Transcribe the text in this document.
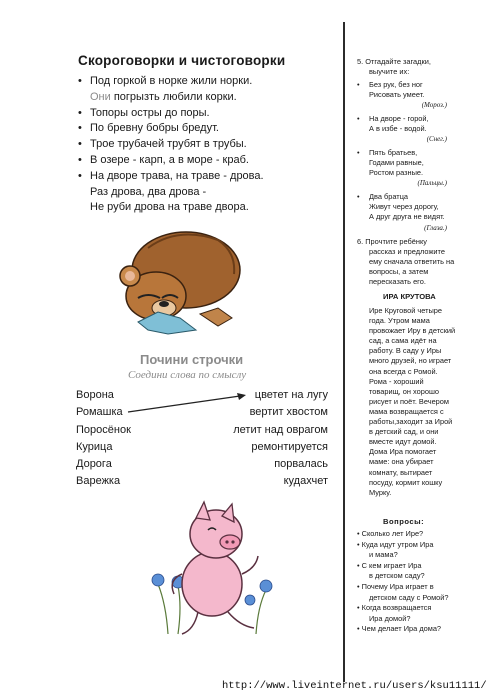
Скороговорки и чистоговорки
• Под горкой в норке жили норки.
Они погрызть любили корки.
• Топоры остры до поры.
• По бревну бобры бредут.
• Трое трубачей трубят в трубы.
• В озере - карп, а в море - краб.
• На дворе трава, на траве - дрова.
Раз дрова, два дрова -
Не руби дрова на траве двора.
Почини строчки
Соедини слова по смыслу
Ворона
Ромашка
Поросёнок
Курица
Дорога
Варежка
цветет на лугу
вертит хвостом
летит над оврагом
ремонтируется
порвалась
кудахчет
5. Отгадайте загадки,
выучите их:
• Без рук, без ног
Рисовать умеет.
(Мороз.)
• На дворе - горой,
А в избе - водой.
(Снег.)
• Пять братьев,
Годами равные,
Ростом разные.
(Пальцы.)
• Два братца
Живут через дорогу,
А друг друга не видят.
(Глаза.)
6. Прочтите ребёнку
рассказ и предложите
ему сначала ответить на
вопросы, а затем
пересказать его.
ИРА КРУТОВА
Ире Круговой четыре
года. Утром мама
провожает Иру в детский
сад, а сама идёт на
работу. В саду у Иры
много друзей, но играет
она всегда с Ромой.
Рома - хороший
товарищ, он хорошо
рисует и поёт. Вечером
мама возвращается с
работы,заходит за Ирой
в детский сад, и они
вместе идут домой.
Дома Ира помогает
маме: она убирает
комнату, вытирает
посуду, кормит кошку
Мурку.
Вопросы:
• Сколько лет Ире?
• Куда идут утром Ира
и мама?
• С кем играет Ира
в детском саду?
• Почему Ира играет в
детском саду с Ромой?
• Когда возвращается
Ира домой?
• Чем делает Ира дома?
http://www.liveinternet.ru/users/ksu11111/
